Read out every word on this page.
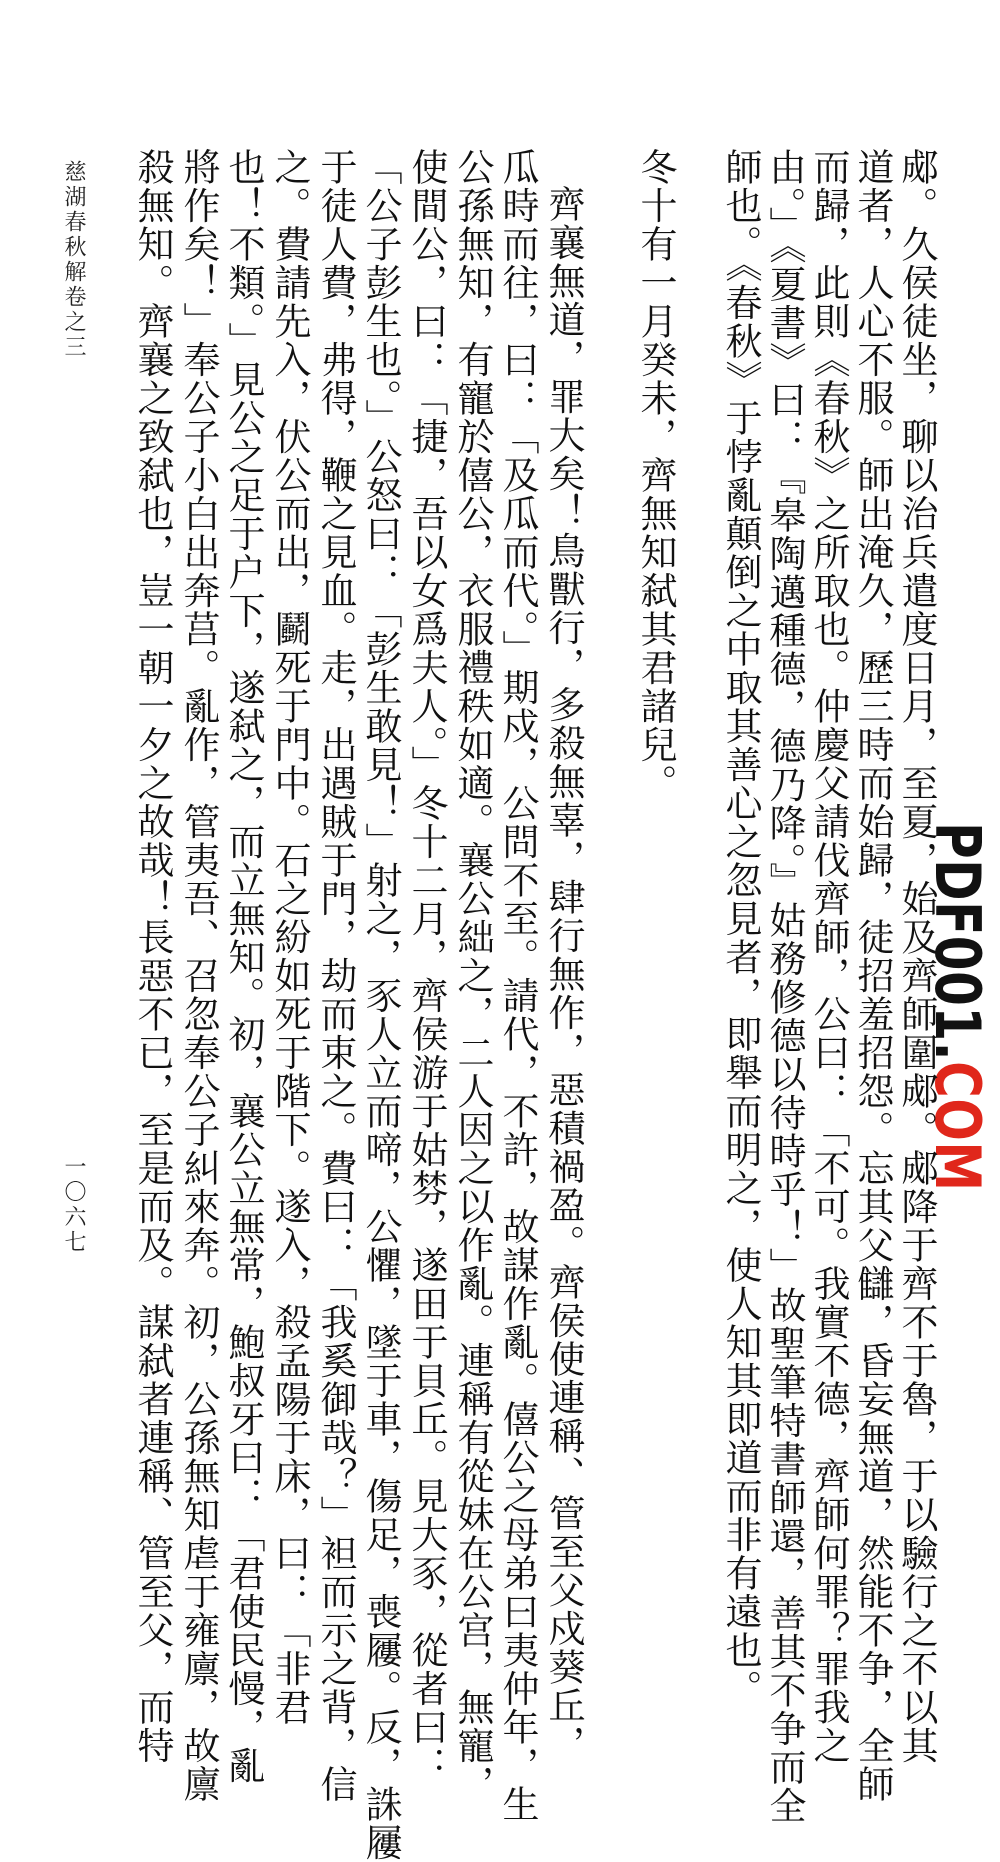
PDF001.COM
郕。久侯徒坐，聊以治兵遣度日月，至夏，始及齊師圍郕。郕降于齊不于魯，于以驗行之不以其
道者，人心不服。師出淹久，歷三時而始歸，徒招羞招怨。忘其父讎，昏妄無道，然能不争，全師
而歸，此則《春秋》之所取也。仲慶父請伐齊師，公曰：「不可。我實不德，齊師何罪？罪我之
由。」《夏書》曰：『皋陶邁種德，德乃降。』姑務修德以待時乎！」故聖筆特書師還，善其不争而全
師也。《春秋》于悖亂顛倒之中取其善心之忽見者，即舉而明之，使人知其即道而非有遠也。
冬十有一月癸未，齊無知弑其君諸兒。
齊襄無道，罪大矣！鳥獸行，多殺無辜，肆行無作，惡積禍盈。齊侯使連稱、管至父戍葵丘，
瓜時而往，曰：「及瓜而代。」期戍，公問不至。請代，不許，故謀作亂。僖公之母弟曰夷仲年，生
公孫無知，有寵於僖公，衣服禮秩如適。襄公絀之，二人因之以作亂。連稱有從妹在公宫，無寵，
使間公，曰：「捷，吾以女爲夫人。」冬十二月，齊侯游于姑棼，遂田于貝丘。見大豕，從者曰：
「公子彭生也。」公怒曰：「彭生敢見！」射之，豕人立而啼，公懼，墜于車，傷足，喪屨。反，誅屨
于徒人費，弗得，鞭之見血。走，出遇賊于門，劫而束之。費曰：「我奚御哉？」袒而示之背，信
之。費請先入，伏公而出，鬬死于門中。石之紛如死于階下。遂入，殺孟陽于床，曰：「非君
也！不類。」見公之足于户下，遂弑之，而立無知。初，襄公立無常，鮑叔牙曰：「君使民慢，亂
將作矣！」奉公子小白出奔莒。亂作，管夷吾、召忽奉公子糾來奔。初，公孫無知虐于雍廪，故廪
殺無知。齊襄之致弑也，豈一朝一夕之故哉！長惡不已，至是而及。謀弑者連稱、管至父，而特
慈湖春秋解卷之三
一〇六七
